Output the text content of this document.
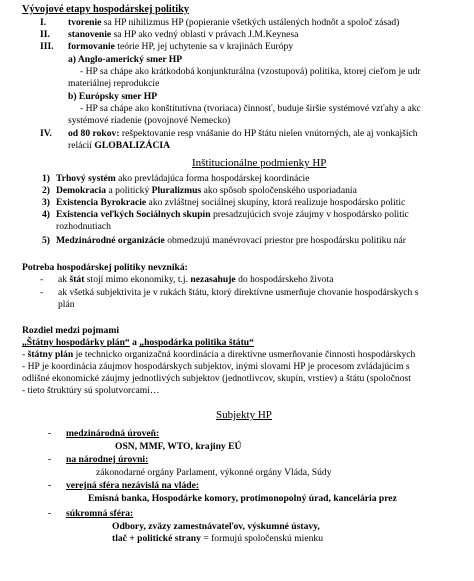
Vývojové etapy hospodárskej politiky
I. tvorenie sa HP nihilizmus HP (popieranie všetkých ustálených hodnôt a spoloč zásad)
II. stanovenie sa HP ako vedný oblasti v právach J.M.Keynesa
III. formovanie teórie HP, jej uchytenie sa v krajinách Európy
a) Anglo-americký smer HP
- HP sa chápe ako krátkodobá konjunkturálna (vzostupová) politika, ktorej cieľom je udr
materiálnej reprodukcie
b) Európsky smer HP
- HP sa chápe ako konštitutívna (tvoriaca) činnosť, buduje širšie systémové vzťahy a akc
systémové riadenie (povojnové Nemecko)
IV. od 80 rokov: rešpektovanie resp vnášanie do HP štátu nielen vnútorných, ale aj vonkajších
relácií GLOBALIZÁCIA
Inštitucionálne podmienky HP
1) Trhový systém ako prevládajúca forma hospodárskej koordinácie
2) Demokracia a politický Pluralizmus ako spôsob spoločenského usporiadania
3) Existencia Byrokracie ako zvláštnej sociálnej skupiny, ktorá realizuje hospodársko politic
4) Existencia veľkých Sociálnych skupín presadzujúcich svoje záujmy v hospodársko politic
rozhodnutiach
5) Medzinárodné organizácie obmedzujú manévrovací priestor pre hospodársku politiku nár
Potreba hospodárskej politiky nevzniká:
- ak štát stojí mimo ekonomiky, t.j. nezasahuje do hospodárskeho života
- ak všetká subjektivita je v rukách štátu, ktorý direktívne usmerňuje chovanie hospodárskych s
plán
Rozdiel medzi pojmami
„Štátny hospodárky plán“ a „hospodárka politika štátu“
- štátny plán je technicko organizačná koordinácia a direktívne usmerňovanie činnosti hospodárskych
- HP je koordinácia záujmov hospodárskych subjektov, inými slovami HP je procesom zvládajúcim s
odlišné ekonomické záujmy jednotlivých subjektov (jednotlivcov, skupín, vrstiev) a štátu (spoločnost
- tieto štruktúry sú spolutvorcami…
Subjekty HP
- medzinárodná úroveň:
OSN, MMF, WTO, krajiny EÚ
- na národnej úrovni:
zákonodarné orgány Parlament, výkonné orgány Vláda, Súdy
- verejná sféra nezávislá na vláde:
Emisná banka, Hospodárke komory, protimonopolný úrad, kancelária prez
- súkromná sféra:
Odbory, zväzy zamestnávateľov, výskumné ústavy,
tlač + politické strany = formujú spoločenskú mienku
